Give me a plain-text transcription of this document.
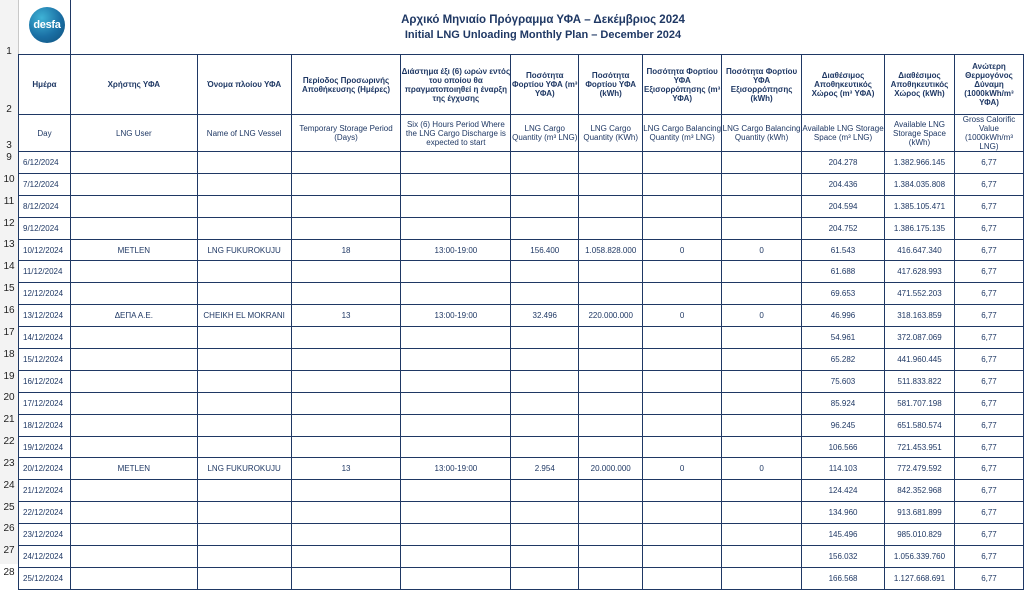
1
2
3
9
10
11
12
13
14
15
16
17
18
19
20
21
22
23
24
25
26
27
28
desfa	Αρχικό Μηνιαίο Πρόγραμμα ΥΦΑ – Δεκέμβριος 2024
Initial LNG Unloading Monthly Plan – December 2024
Ημέρα	Χρήστης ΥΦΑ	Όνομα πλοίου ΥΦΑ	Περίοδος Προσωρινής Αποθήκευσης (Ημέρες)	Διάστημα έξι (6) ωρών εντός του οποίου θα πραγματοποιηθεί η έναρξη της έγχυσης	Ποσότητα Φορτίου ΥΦΑ (m³ ΥΦΑ)	Ποσότητα Φορτίου ΥΦΑ (kWh)	Ποσότητα Φορτίου ΥΦΑ Εξισορρόπησης (m³ ΥΦΑ)	Ποσότητα Φορτίου ΥΦΑ Εξισορρόπησης (kWh)	Διαθέσιμος Αποθηκευτικός Χώρος (m³ ΥΦΑ)	Διαθέσιμος Αποθηκευτικός Χώρος (kWh)	Ανώτερη Θερμογόνος Δύναμη (1000kWh/m³ ΥΦΑ)
Day	LNG User	Name of LNG Vessel	Temporary Storage Period (Days)	Six (6) Hours Period Where the LNG Cargo Discharge is expected to start	LNG Cargo Quantity (m³ LNG)	LNG Cargo Quantity (KWh)	LNG Cargo Balancing Quantity (m³ LNG)	LNG Cargo Balancing Quantity (kWh)	Available LNG Storage Space (m³ LNG)	Available LNG Storage Space (kWh)	Gross Calorific Value (1000kWh/m³ LNG)
6/12/2024									204.278	1.382.966.145	6,77
7/12/2024									204.436	1.384.035.808	6,77
8/12/2024									204.594	1.385.105.471	6,77
9/12/2024									204.752	1.386.175.135	6,77
10/12/2024	METLEN	LNG FUKUROKUJU	18	13:00-19:00	156.400	1.058.828.000	0	0	61.543	416.647.340	6,77
11/12/2024									61.688	417.628.993	6,77
12/12/2024									69.653	471.552.203	6,77
13/12/2024	ΔΕΠΑ Α.Ε.	CHEIKH EL MOKRANI	13	13:00-19:00	32.496	220.000.000	0	0	46.996	318.163.859	6,77
14/12/2024									54.961	372.087.069	6,77
15/12/2024									65.282	441.960.445	6,77
16/12/2024									75.603	511.833.822	6,77
17/12/2024									85.924	581.707.198	6,77
18/12/2024									96.245	651.580.574	6,77
19/12/2024									106.566	721.453.951	6,77
20/12/2024	METLEN	LNG FUKUROKUJU	13	13:00-19:00	2.954	20.000.000	0	0	114.103	772.479.592	6,77
21/12/2024									124.424	842.352.968	6,77
22/12/2024									134.960	913.681.899	6,77
23/12/2024									145.496	985.010.829	6,77
24/12/2024									156.032	1.056.339.760	6,77
25/12/2024									166.568	1.127.668.691	6,77
